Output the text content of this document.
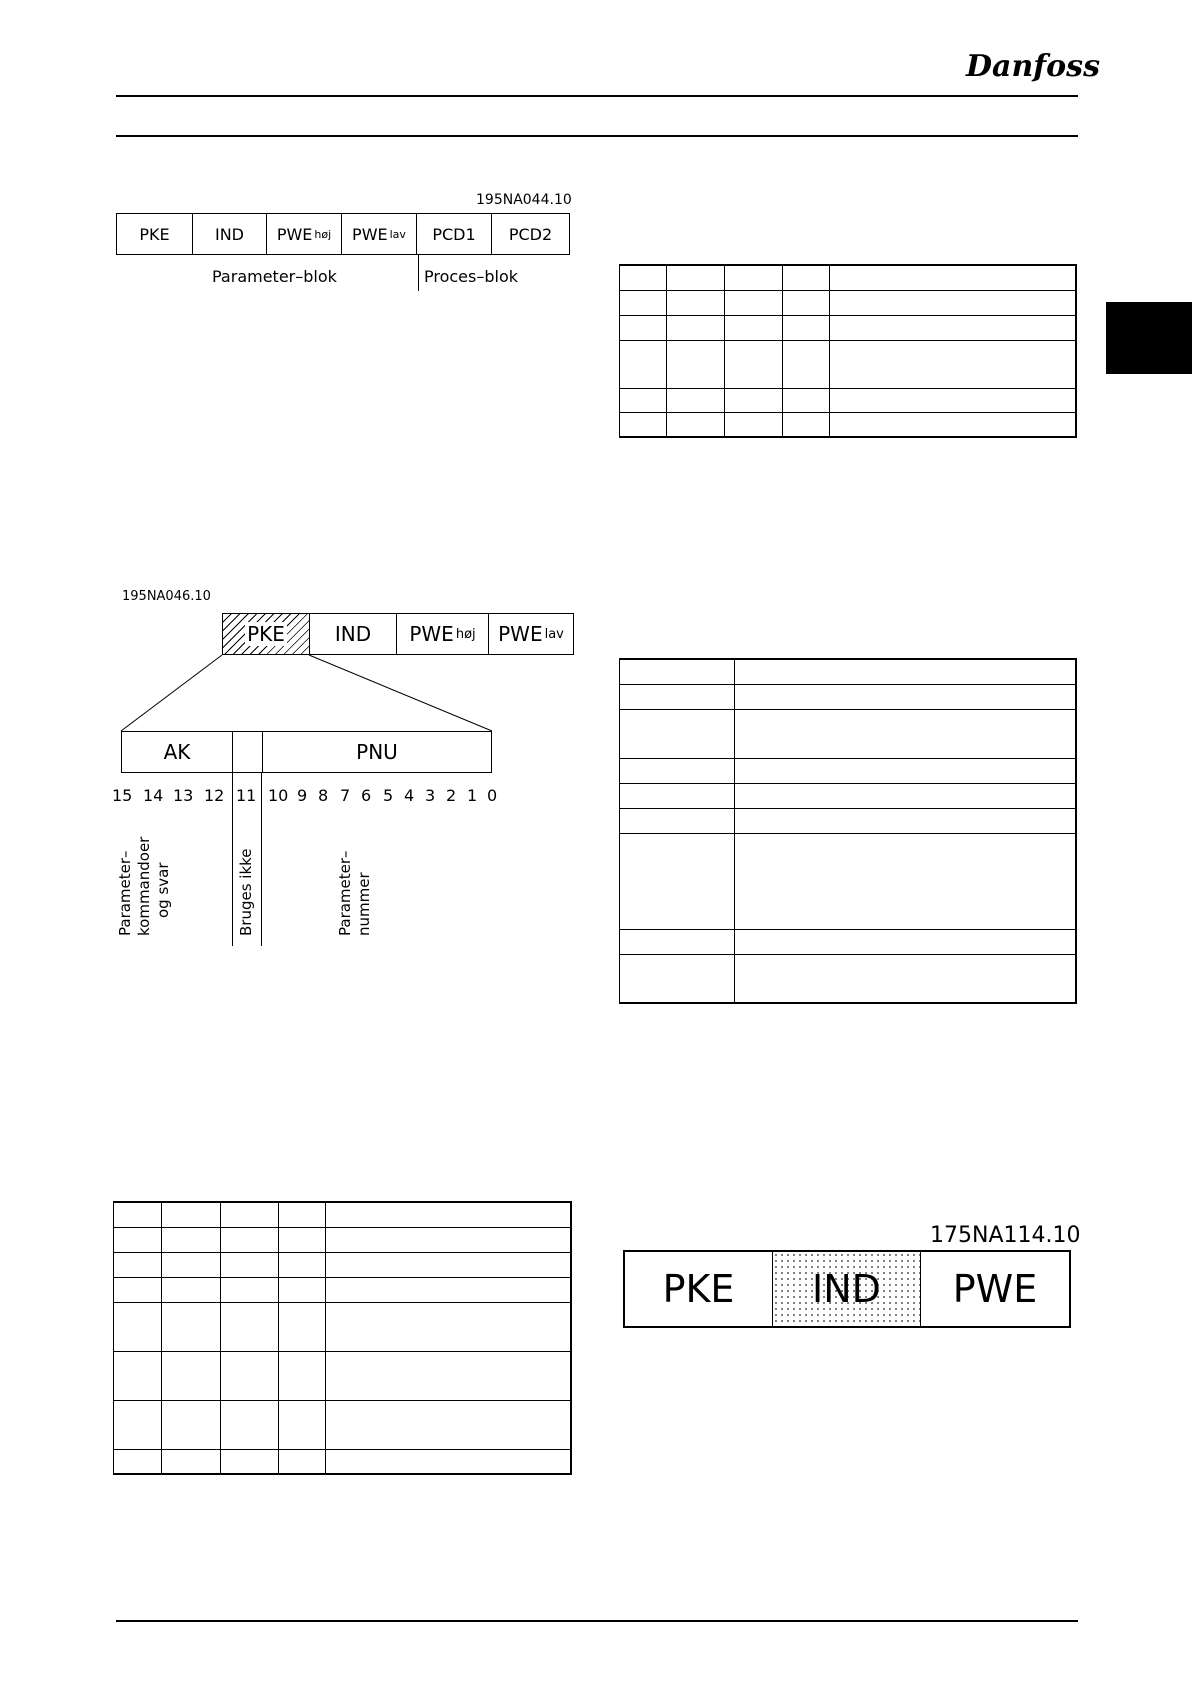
Danfoss
195NA044.10
PKE	IND PWE høj PWE lav PCD1 PCD2
Parameter–blok	Proces–blok

195NA046.10
PKE IND PWE høj PWE lav
AK	PNU
15 14 13 12 11 10 9 8 7 6 5 4 3 2 1 0
Parameter– kommandoer og svar	Bruges ikke	Parameter– nummer

175NA114.10
PKE IND PWE
